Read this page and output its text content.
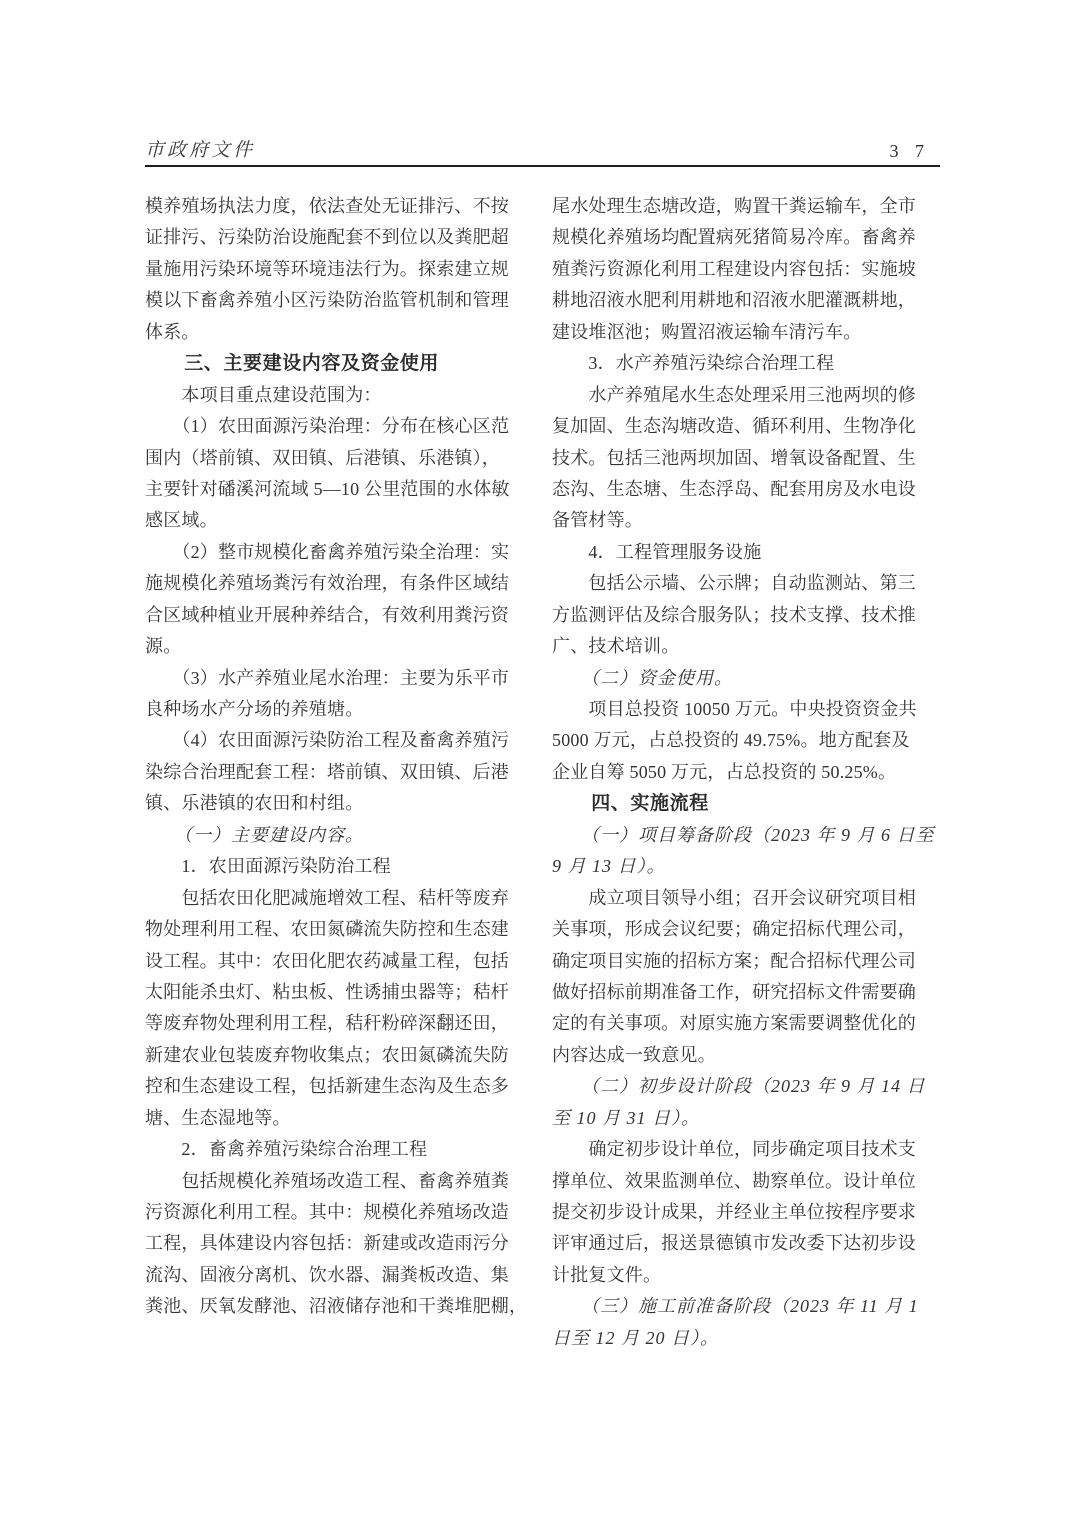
市政府文件	3 7
模养殖场执法力度，依法查处无证排污、不按
证排污、污染防治设施配套不到位以及粪肥超
量施用污染环境等环境违法行为。探索建立规
模以下畜禽养殖小区污染防治监管机制和管理
体系。
　　三、主要建设内容及资金使用
　　本项目重点建设范围为：
　　（1）农田面源污染治理：分布在核心区范
围内（塔前镇、双田镇、后港镇、乐港镇），
主要针对磻溪河流域 5—10 公里范围的水体敏
感区域。
　　（2）整市规模化畜禽养殖污染全治理：实
施规模化养殖场粪污有效治理，有条件区域结
合区域种植业开展种养结合，有效利用粪污资
源。
　　（3）水产养殖业尾水治理：主要为乐平市
良种场水产分场的养殖塘。
　　（4）农田面源污染防治工程及畜禽养殖污
染综合治理配套工程：塔前镇、双田镇、后港
镇、乐港镇的农田和村组。
　　（一）主要建设内容。
　　1．农田面源污染防治工程
　　包括农田化肥减施增效工程、秸杆等废弃
物处理利用工程、农田氮磷流失防控和生态建
设工程。其中：农田化肥农药减量工程，包括
太阳能杀虫灯、粘虫板、性诱捕虫器等；秸杆
等废弃物处理利用工程，秸秆粉碎深翻还田，
新建农业包装废弃物收集点；农田氮磷流失防
控和生态建设工程，包括新建生态沟及生态多
塘、生态湿地等。
　　2．畜禽养殖污染综合治理工程
　　包括规模化养殖场改造工程、畜禽养殖粪
污资源化利用工程。其中：规模化养殖场改造
工程，具体建设内容包括：新建或改造雨污分
流沟、固液分离机、饮水器、漏粪板改造、集
粪池、厌氧发酵池、沼液储存池和干粪堆肥棚，
尾水处理生态塘改造，购置干粪运输车，全市
规模化养殖场均配置病死猪简易冷库。畜禽养
殖粪污资源化利用工程建设内容包括：实施坡
耕地沼液水肥利用耕地和沼液水肥灌溉耕地，
建设堆沤池；购置沼液运输车清污车。
　　3．水产养殖污染综合治理工程
　　水产养殖尾水生态处理采用三池两坝的修
复加固、生态沟塘改造、循环利用、生物净化
技术。包括三池两坝加固、增氧设备配置、生
态沟、生态塘、生态浮岛、配套用房及水电设
备管材等。
　　4．工程管理服务设施
　　包括公示墙、公示牌；自动监测站、第三
方监测评估及综合服务队；技术支撑、技术推
广、技术培训。
　　（二）资金使用。
　　项目总投资 10050 万元。中央投资资金共
5000 万元，占总投资的 49.75%。地方配套及
企业自筹 5050 万元，占总投资的 50.25%。
　　四、实施流程
　　（一）项目筹备阶段（2023 年 9 月 6 日至
9 月 13 日）。
　　成立项目领导小组；召开会议研究项目相
关事项，形成会议纪要；确定招标代理公司，
确定项目实施的招标方案；配合招标代理公司
做好招标前期准备工作，研究招标文件需要确
定的有关事项。对原实施方案需要调整优化的
内容达成一致意见。
　　（二）初步设计阶段（2023 年 9 月 14 日
至 10 月 31 日）。
　　确定初步设计单位，同步确定项目技术支
撑单位、效果监测单位、勘察单位。设计单位
提交初步设计成果，并经业主单位按程序要求
评审通过后，报送景德镇市发改委下达初步设
计批复文件。
　　（三）施工前准备阶段（2023 年 11 月 1
日至 12 月 20 日）。
